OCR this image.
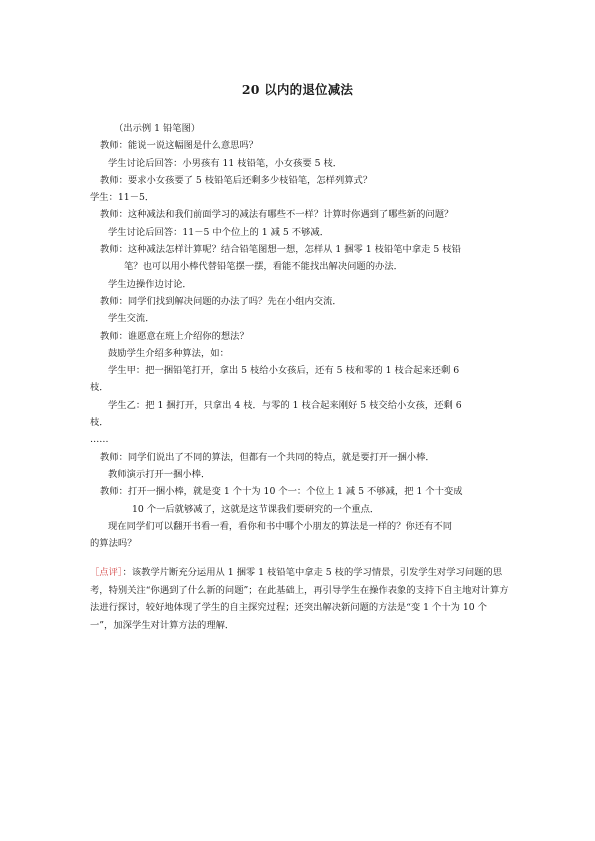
20 以内的退位减法
（出示例 1 铅笔图）
教师：能说一说这幅图是什么意思吗？
学生讨论后回答：小男孩有 11 枝铅笔，小女孩要 5 枝．
教师：要求小女孩要了 5 枝铅笔后还剩多少枝铅笔，怎样列算式？
学生：11－5．
教师：这种减法和我们前面学习的减法有哪些不一样？计算时你遇到了哪些新的问题？
学生讨论后回答：11－5 中个位上的 1 减 5 不够减．
教师：这种减法怎样计算呢？结合铅笔图想一想，怎样从 1 捆零 1 枝铅笔中拿走 5 枝铅
笔？也可以用小棒代替铅笔摆一摆，看能不能找出解决问题的办法．
学生边操作边讨论．
教师：同学们找到解决问题的办法了吗？先在小组内交流．
学生交流．
教师：谁愿意在班上介绍你的想法？
鼓励学生介绍多种算法，如：
学生甲：把一捆铅笔打开，拿出 5 枝给小女孩后，还有 5 枝和零的 1 枝合起来还剩 6
枝．
学生乙：把 1 捆打开，只拿出 4 枝．与零的 1 枝合起来刚好 5 枝交给小女孩，还剩 6
枝．
……
教师：同学们说出了不同的算法，但都有一个共同的特点，就是要打开一捆小棒．
教师演示打开一捆小棒．
教师：打开一捆小棒，就是变 1 个十为 10 个一：个位上 1 减 5 不够减，把 1 个十变成
10 个一后就够减了，这就是这节课我们要研究的一个重点．
现在同学们可以翻开书看一看，看你和书中哪个小朋友的算法是一样的？你还有不同
的算法吗？
［点评］：该教学片断充分运用从 1 捆零 1 枝铅笔中拿走 5 枝的学习情景，引发学生对学习问题的思考，特别关注“你遇到了什么新的问题”；在此基础上，再引导学生在操作表象的支持下自主地对计算方法进行探讨，较好地体现了学生的自主探究过程；还突出解决新问题的方法是“变 1 个十为 10 个一”，加深学生对计算方法的理解．
